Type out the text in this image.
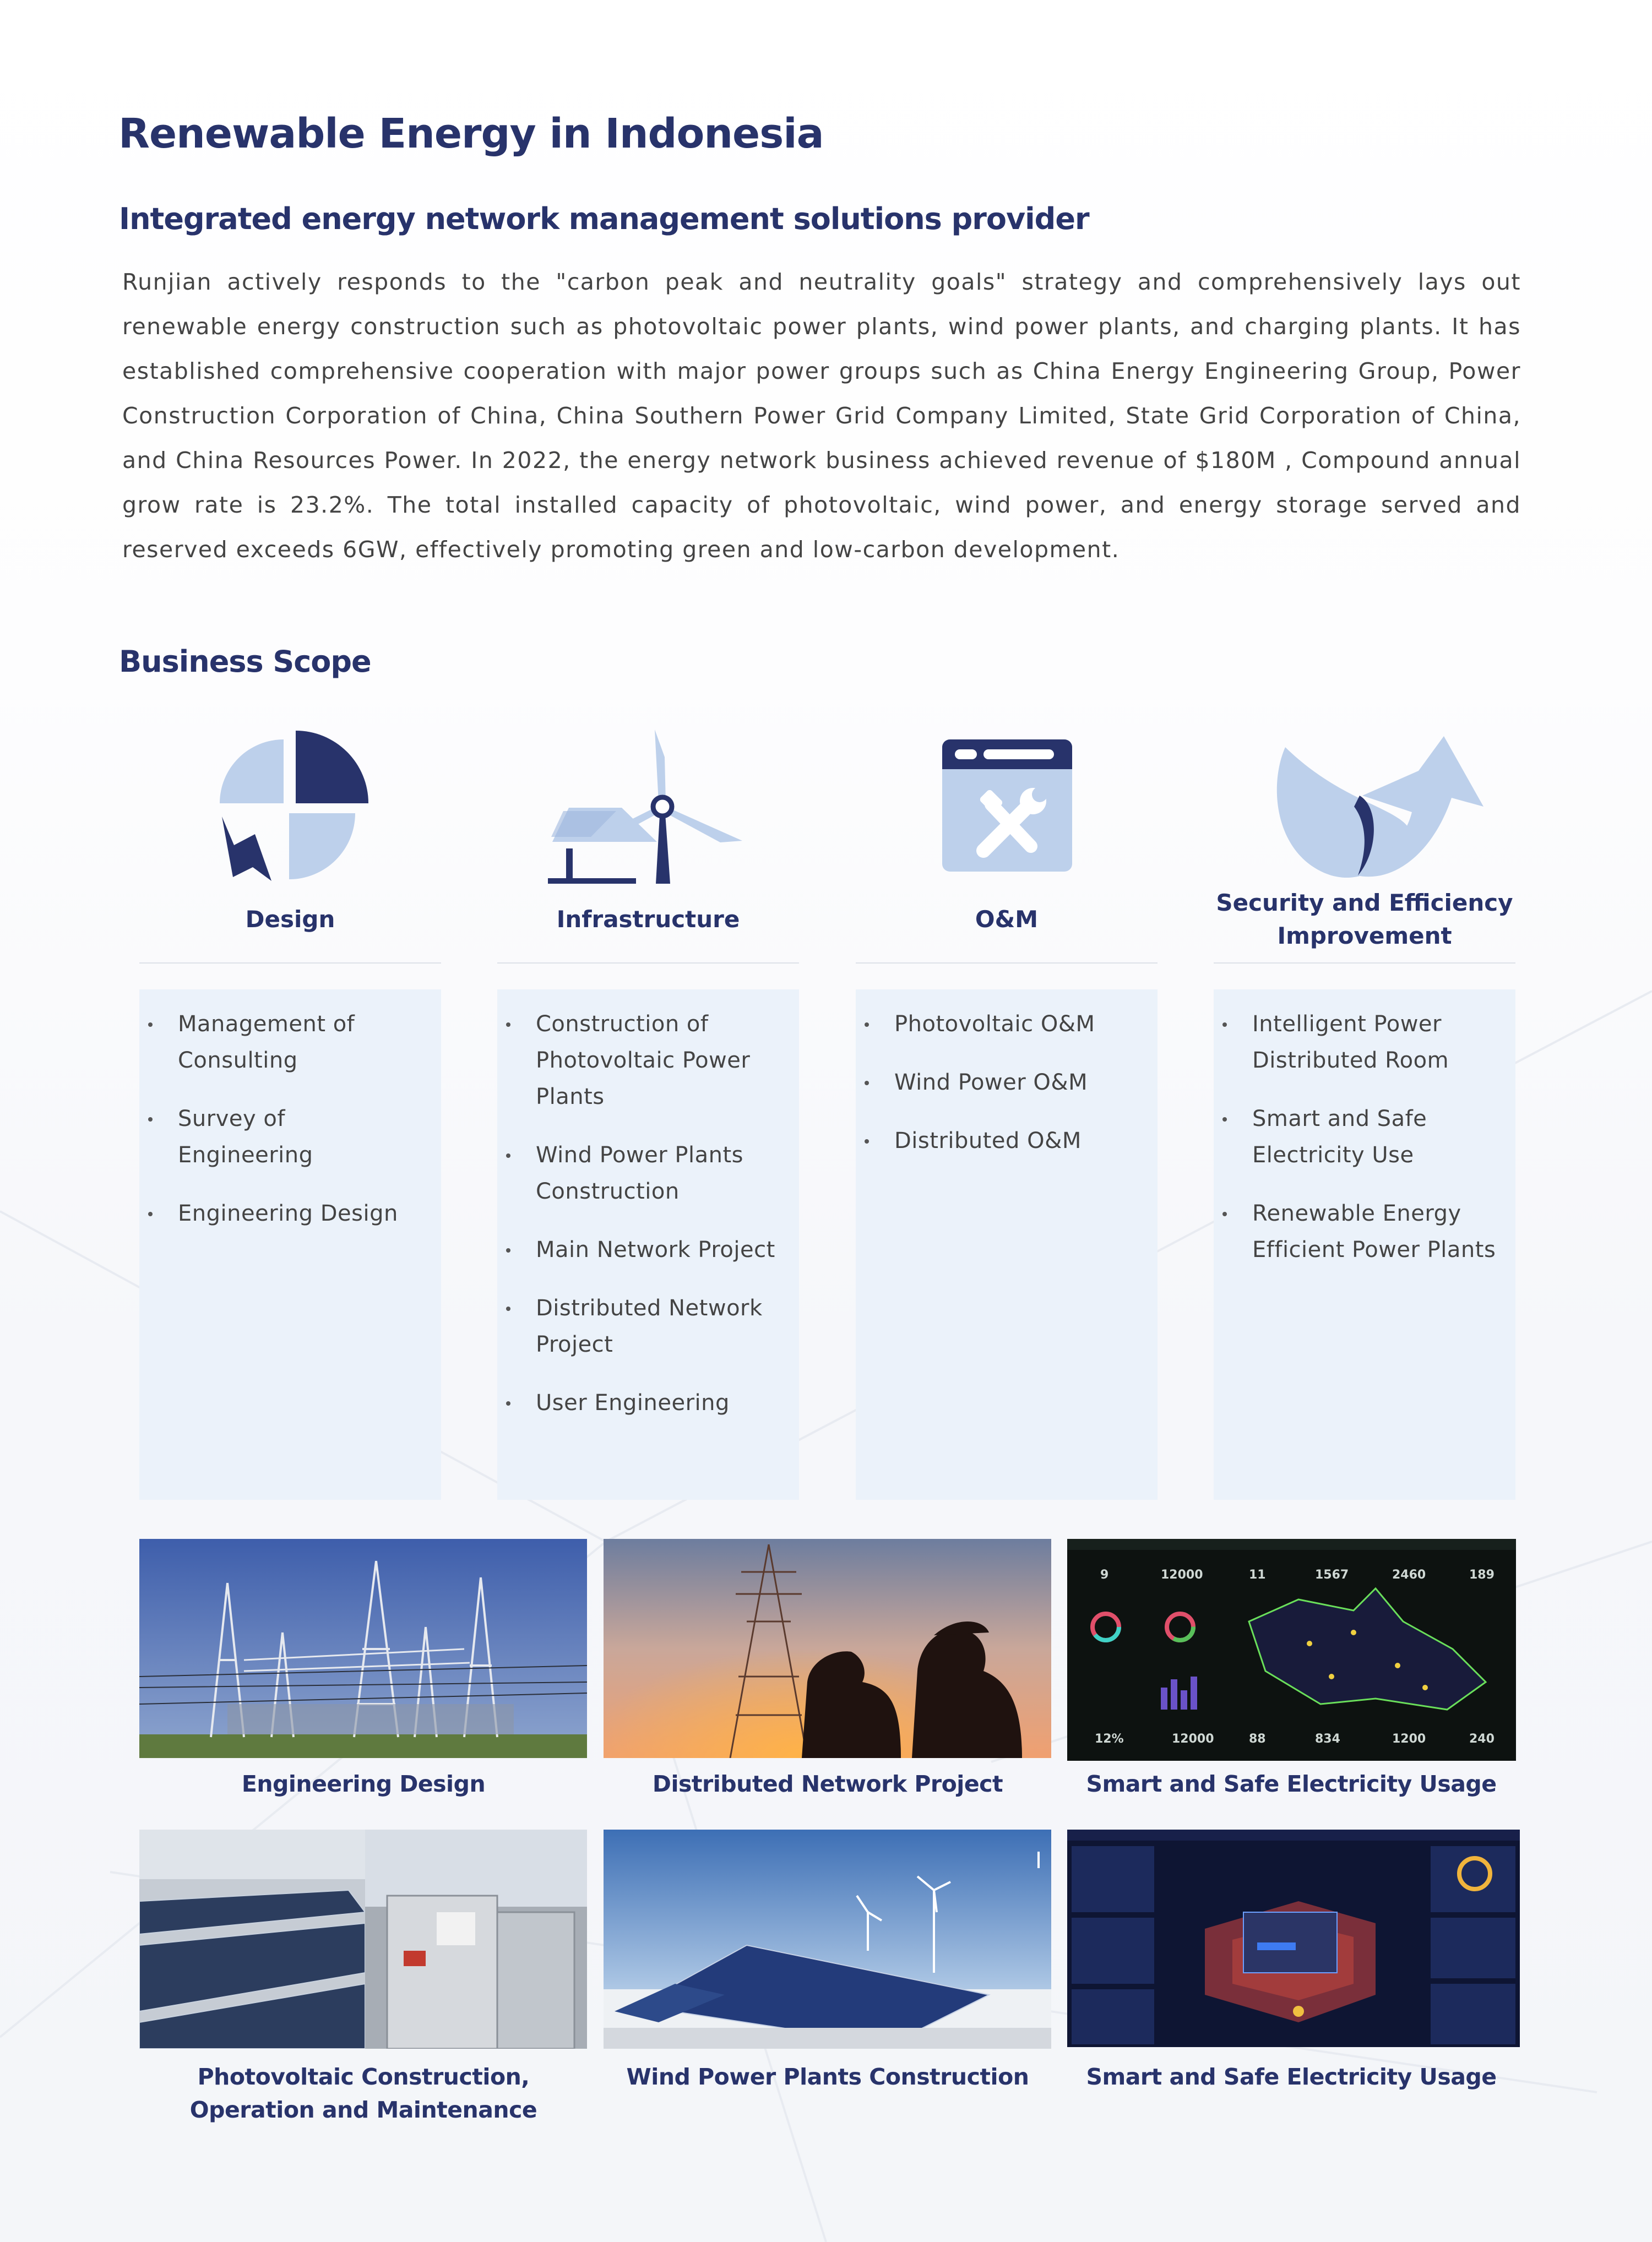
Renewable Energy in Indonesia
Integrated energy network management solutions provider
Runjian actively responds to the "carbon peak and neutrality goals" strategy and comprehensively lays out renewable energy construction such as photovoltaic power plants, wind power plants, and charging plants. It has established comprehensive cooperation with major power groups such as China Energy Engineering Group, Power Construction Corporation of China, China Southern Power Grid Company Limited, State Grid Corporation of China, and China Resources Power. In 2022, the energy network business achieved revenue of $180M , Compound annual grow rate is 23.2%. The total installed capacity of photovoltaic, wind power, and energy storage served and reserved exceeds 6GW, effectively promoting green and low-carbon development.
Business Scope
Design
Management of Consulting
Survey of Engineering
Engineering Design
Infrastructure
Construction of Photovoltaic Power Plants
Wind Power Plants Construction
Main Network Project
Distributed Network Project
User Engineering
O&M
Photovoltaic O&M
Wind Power O&M
Distributed O&M
Security and Efficiency Improvement
Intelligent Power Distributed Room
Smart and Safe Electricity Use
Renewable Energy Efficient Power Plants
Engineering Design	Distributed Network Project
9	12000	11	1567	2460	189
12%	12000	88	834	1200	240
Smart and Safe Electricity Usage
Photovoltaic Construction,
Operation and Maintenance
Wind Power Plants Construction	Smart and Safe Electricity Usage
